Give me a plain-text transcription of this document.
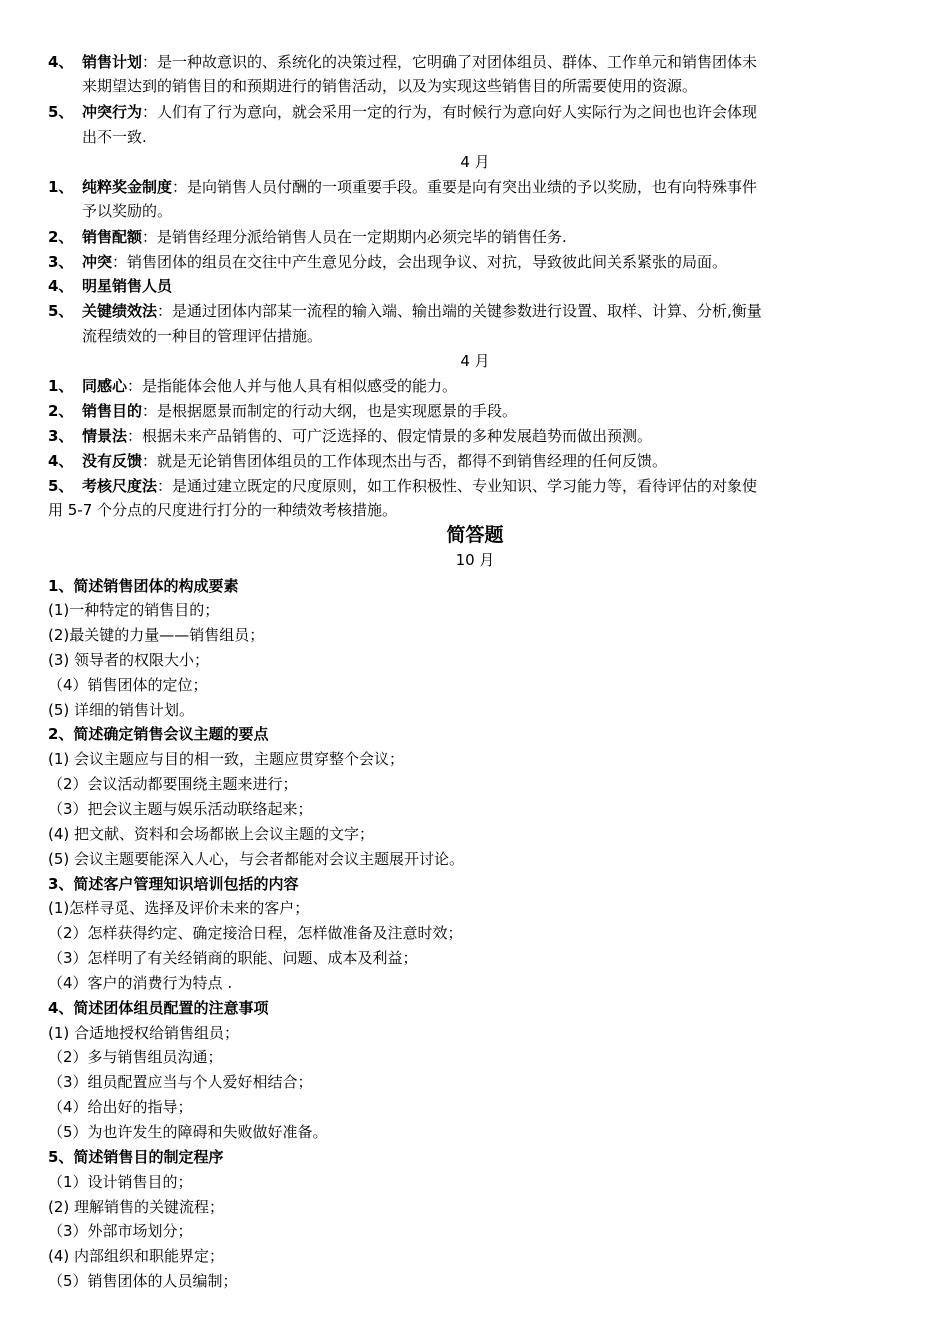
4、 销售计划：是一种故意识的、系统化的决策过程，它明确了对团体组员、群体、工作单元和销售团体未
来期望达到的销售目的和预期进行的销售活动，以及为实现这些销售目的所需要使用的资源。
5、 冲突行为：人们有了行为意向，就会采用一定的行为，有时候行为意向好人实际行为之间也也许会体现
出不一致.
4 月
1、 纯粹奖金制度：是向销售人员付酬的一项重要手段。重要是向有突出业绩的予以奖励，也有向特殊事件
予以奖励的。
2、 销售配额：是销售经理分派给销售人员在一定期期内必须完毕的销售任务.
3、 冲突：销售团体的组员在交往中产生意见分歧，会出现争议、对抗，导致彼此间关系紧张的局面。
4、 明星销售人员
5、 关键绩效法：是通过团体内部某一流程的输入端、输出端的关键参数进行设置、取样、计算、分析,衡量
流程绩效的一种目的管理评估措施。
4 月
1、 同感心：是指能体会他人并与他人具有相似感受的能力。
2、 销售目的：是根据愿景而制定的行动大纲，也是实现愿景的手段。
3、 情景法：根据未来产品销售的、可广泛选择的、假定情景的多种发展趋势而做出预测。
4、 没有反馈：就是无论销售团体组员的工作体现杰出与否，都得不到销售经理的任何反馈。
5、 考核尺度法：是通过建立既定的尺度原则，如工作积极性、专业知识、学习能力等，看待评估的对象使
用 5-7 个分点的尺度进行打分的一种绩效考核措施。
简答题
10 月
1、简述销售团体的构成要素
(1)一种特定的销售目的；
(2)最关键的力量——销售组员；
(3) 领导者的权限大小；
（4）销售团体的定位；
(5) 详细的销售计划。
2、简述确定销售会议主题的要点
(1) 会议主题应与目的相一致，主题应贯穿整个会议；
（2）会议活动都要围绕主题来进行；
（3）把会议主题与娱乐活动联络起来；
(4) 把文献、资料和会场都嵌上会议主题的文字；
(5) 会议主题要能深入人心，与会者都能对会议主题展开讨论。
3、简述客户管理知识培训包括的内容
(1)怎样寻觅、选择及评价未来的客户；
（2）怎样获得约定、确定接洽日程，怎样做准备及注意时效；
（3）怎样明了有关经销商的职能、问题、成本及利益；
（4）客户的消费行为特点 .
4、简述团体组员配置的注意事项
(1) 合适地授权给销售组员；
（2）多与销售组员沟通；
（3）组员配置应当与个人爱好相结合；
（4）给出好的指导；
（5）为也许发生的障碍和失败做好准备。
5、简述销售目的制定程序
（1）设计销售目的；
(2) 理解销售的关键流程；
（3）外部市场划分；
(4) 内部组织和职能界定；
（5）销售团体的人员编制；
